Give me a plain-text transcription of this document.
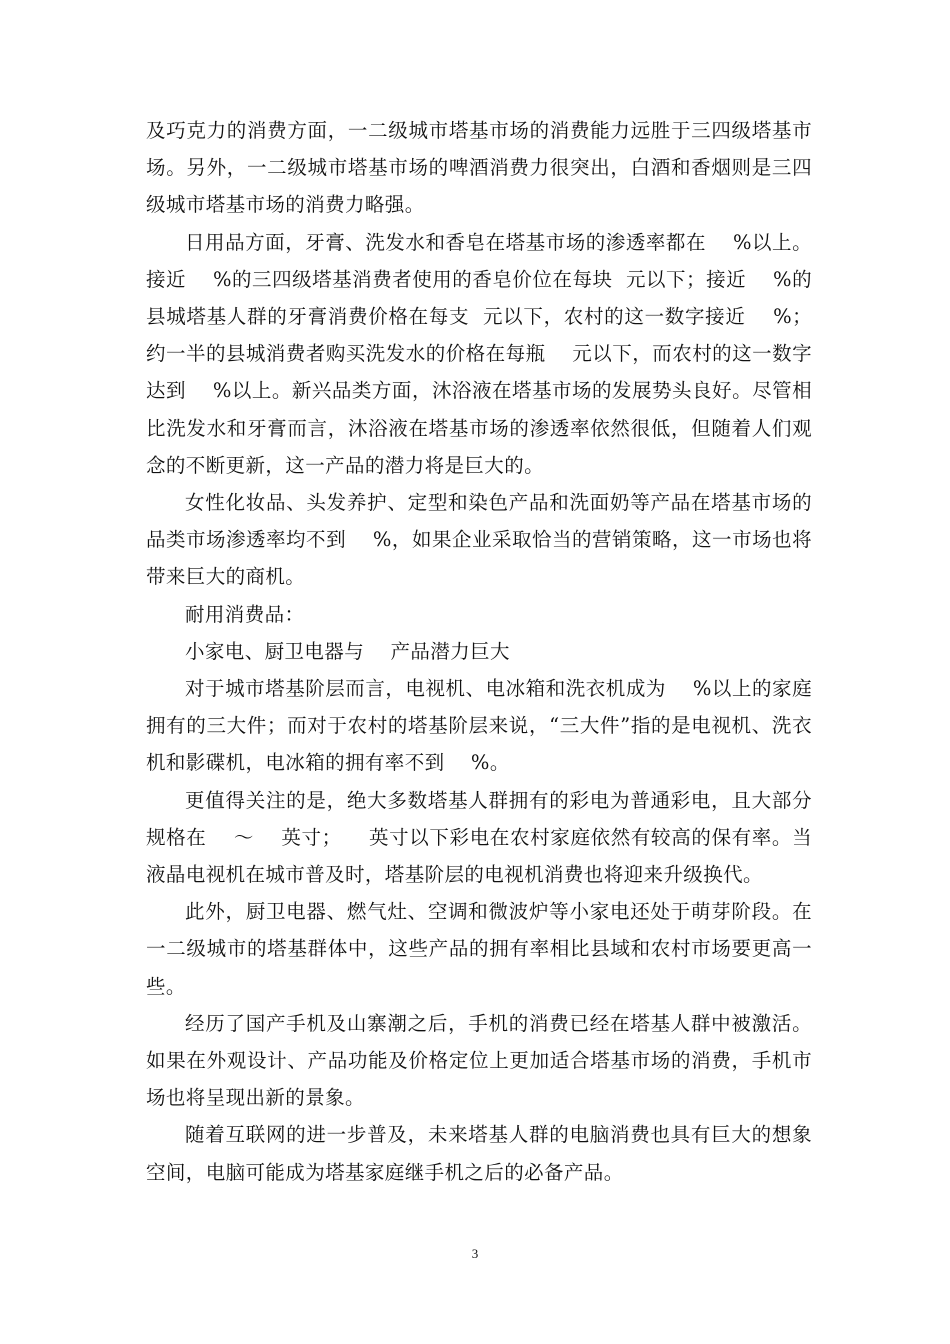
及巧克力的消费方面，一二级城市塔基市场的消费能力远胜于三四级塔基市场。另外，一二级城市塔基市场的啤酒消费力很突出，白酒和香烟则是三四级城市塔基市场的消费力略强。

日用品方面，牙膏、洗发水和香皂在塔基市场的渗透率都在    %以上。接近    %的三四级塔基消费者使用的香皂价位在每块  元以下；接近    %的县城塔基人群的牙膏消费价格在每支  元以下，农村的这一数字接近    %；约一半的县城消费者购买洗发水的价格在每瓶    元以下，而农村的这一数字达到    %以上。新兴品类方面，沐浴液在塔基市场的发展势头良好。尽管相比洗发水和牙膏而言，沐浴液在塔基市场的渗透率依然很低，但随着人们观念的不断更新，这一产品的潜力将是巨大的。

女性化妆品、头发养护、定型和染色产品和洗面奶等产品在塔基市场的品类市场渗透率均不到    %，如果企业采取恰当的营销策略，这一市场也将带来巨大的商机。

耐用消费品：

小家电、厨卫电器与    产品潜力巨大

对于城市塔基阶层而言，电视机、电冰箱和洗衣机成为    %以上的家庭拥有的三大件；而对于农村的塔基阶层来说，“三大件”指的是电视机、洗衣机和影碟机，电冰箱的拥有率不到    %。

更值得关注的是，绝大多数塔基人群拥有的彩电为普通彩电，且大部分规格在    ～    英寸；    英寸以下彩电在农村家庭依然有较高的保有率。当液晶电视机在城市普及时，塔基阶层的电视机消费也将迎来升级换代。

此外，厨卫电器、燃气灶、空调和微波炉等小家电还处于萌芽阶段。在一二级城市的塔基群体中，这些产品的拥有率相比县域和农村市场要更高一些。

经历了国产手机及山寨潮之后，手机的消费已经在塔基人群中被激活。如果在外观设计、产品功能及价格定位上更加适合塔基市场的消费，手机市场也将呈现出新的景象。

随着互联网的进一步普及，未来塔基人群的电脑消费也具有巨大的想象空间，电脑可能成为塔基家庭继手机之后的必备产品。

3
